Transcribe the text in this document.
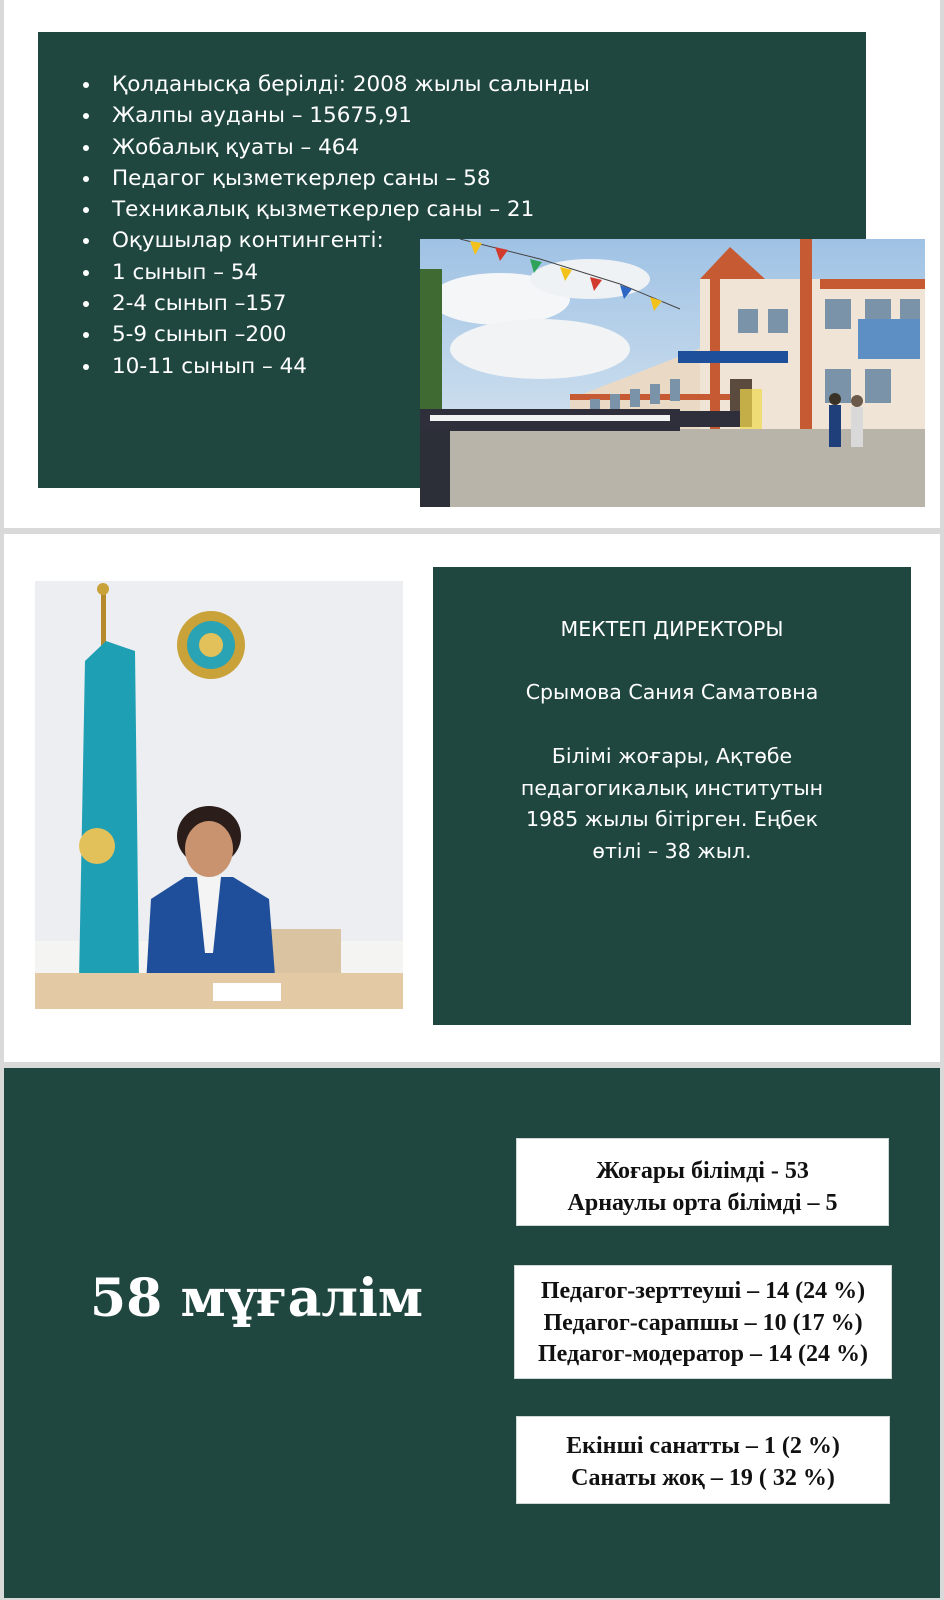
Қолданысқа берілді: 2008 жылы салынды
Жалпы ауданы – 15675,91
Жобалық қуаты – 464
Педагог қызметкерлер саны – 58
Техникалық қызметкерлер саны – 21
Оқушылар контингенті:
1 сынып – 54
2-4 сынып –157
5-9 сынып –200
10-11 сынып – 44
МЕКТЕП ДИРЕКТОРЫ
Срымова Сания Саматовна
Білімі жоғары, Ақтөбе педагогикалық институтын 1985 жылы бітірген. Еңбек өтілі – 38 жыл.
58 мұғалім
Жоғары білімді - 53
Арнаулы орта білімді – 5
Педагог-зерттеуші – 14 (24 %)
Педагог-сарапшы – 10 (17 %)
Педагог-модератор – 14 (24 %)
Екінші санатты – 1 (2 %)
Санаты жоқ – 19 ( 32 %)
